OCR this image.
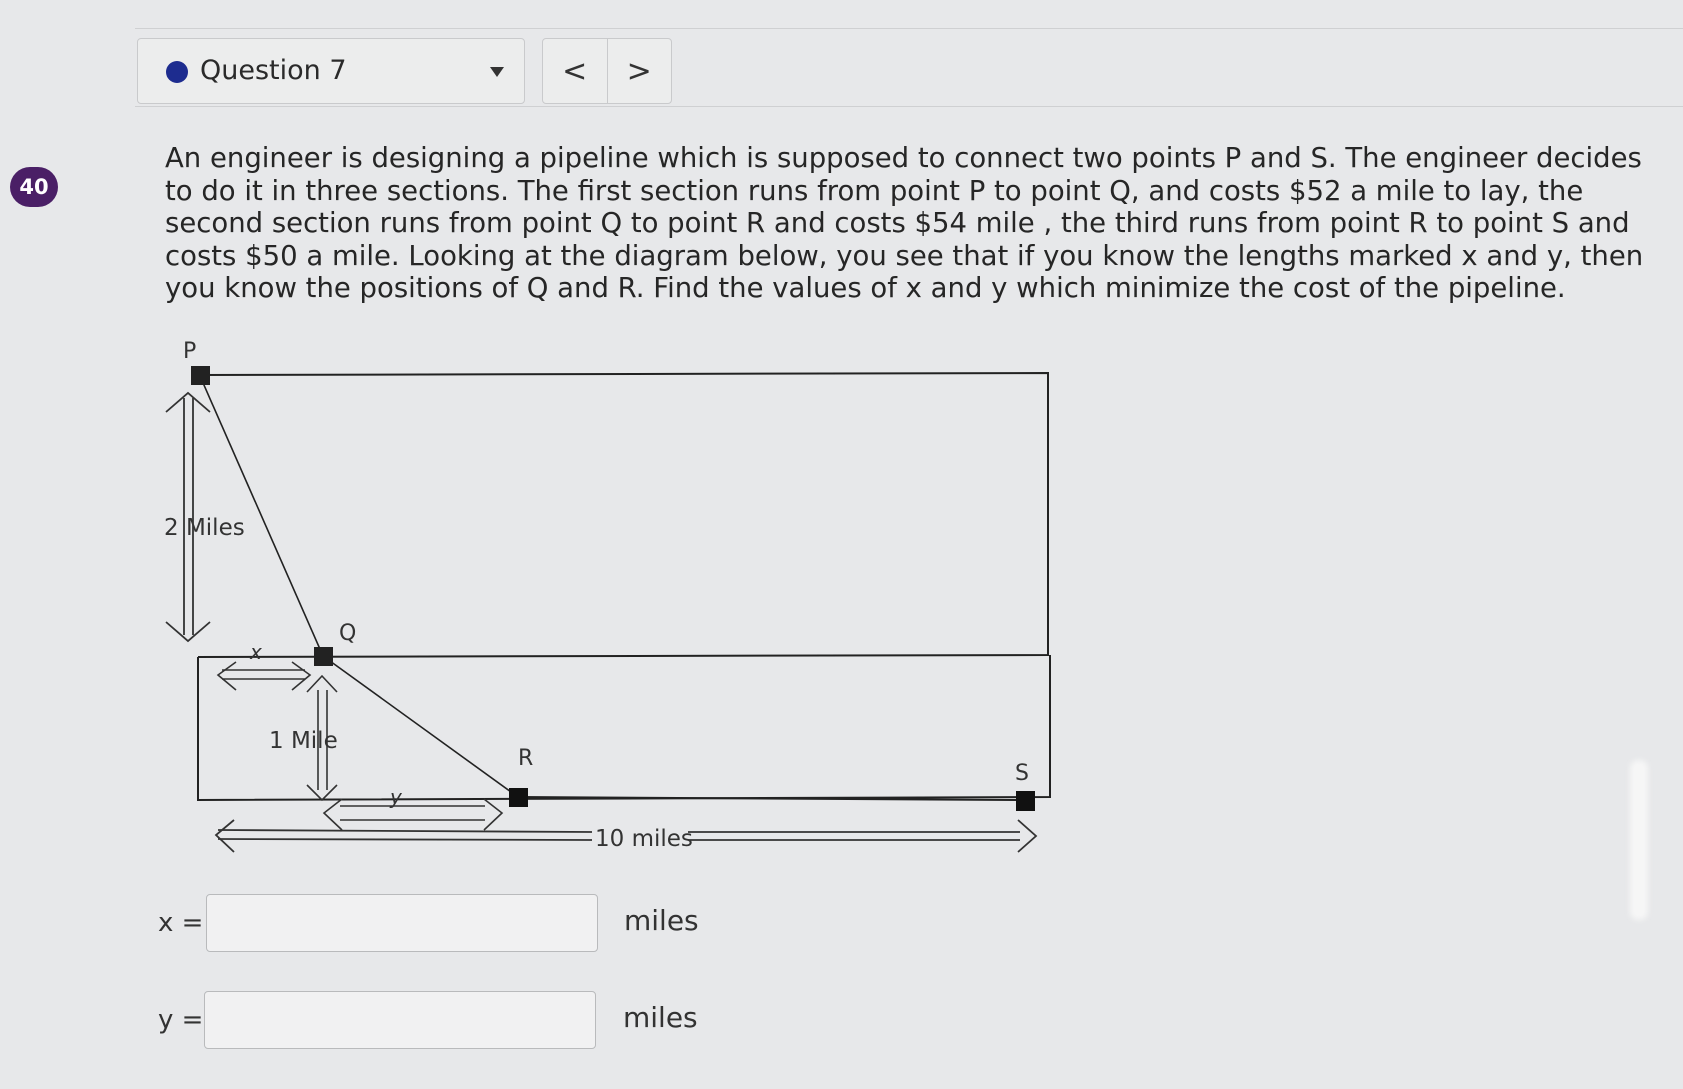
Question 7	<	>
40
An engineer is designing a pipeline which is supposed to connect two points P and S. The engineer decides
to do it in three sections. The first section runs from point P to point Q, and costs $52 a mile to lay, the
second section runs from point Q to point R and costs $54 mile , the third runs from point R to point S and
costs $50 a mile. Looking at the diagram below, you see that if you know the lengths marked x and y, then
you know the positions of Q and R. Find the values of x and y which minimize the cost of the pipeline.
P
Q
R
S
2 Miles
1 Mile
x
y
10 miles
x =	miles
y =	miles
